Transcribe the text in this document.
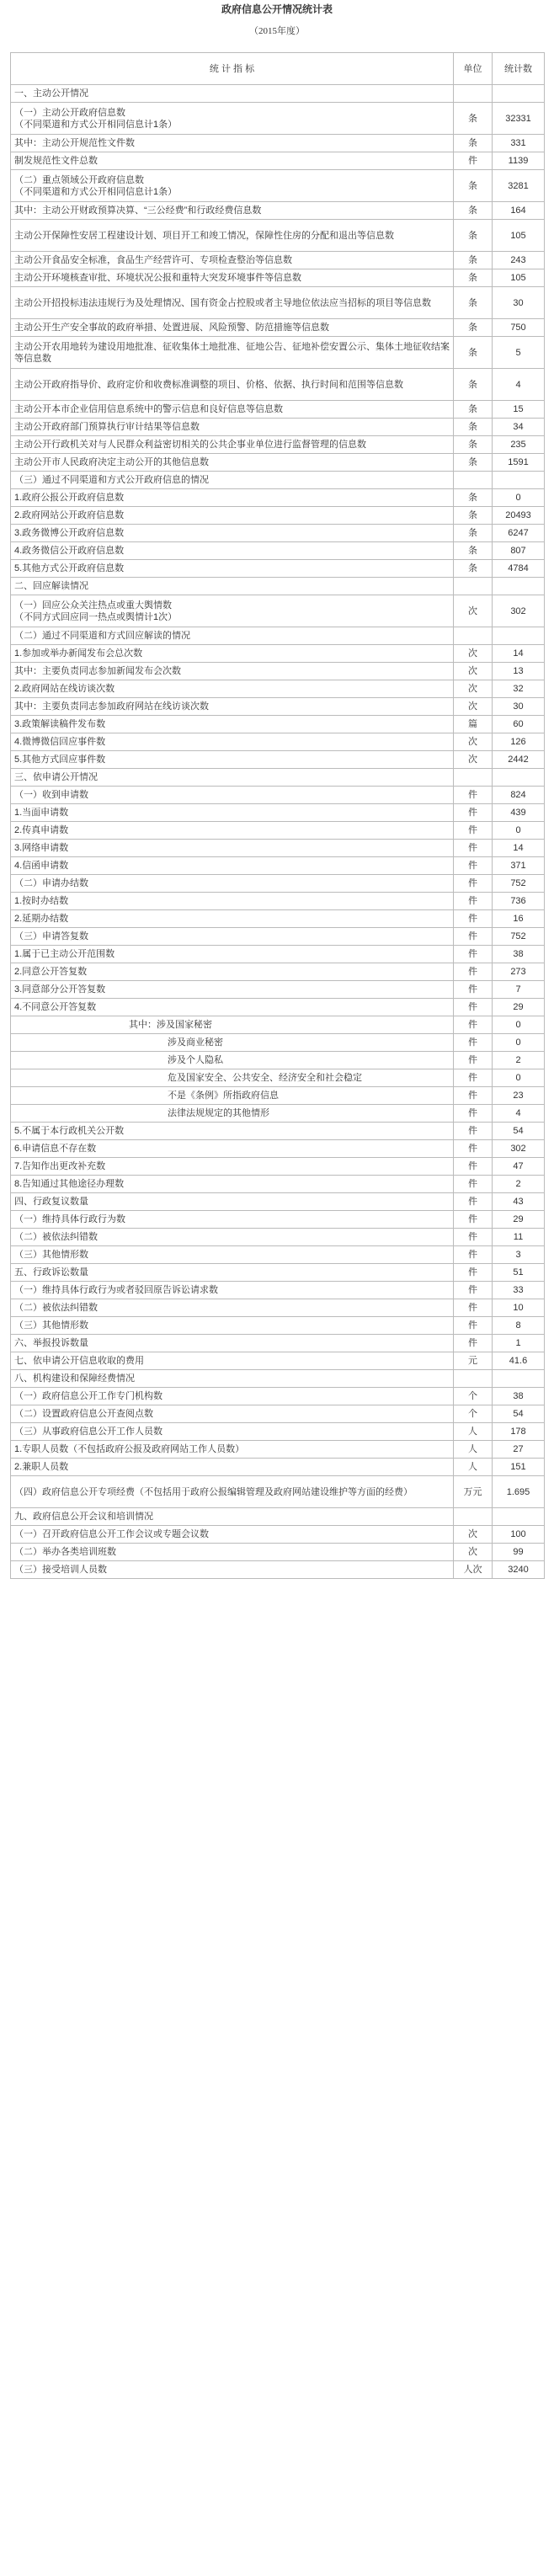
政府信息公开情况统计表
（2015年度）
统 计 指 标	单位	统计数

一、主动公开情况		

（一）主动公开政府信息数
（不同渠道和方式公开相同信息计1条）	条	32331

其中：主动公开规范性文件数	条	331

制发规范性文件总数	件	1139

（二）重点领域公开政府信息数
（不同渠道和方式公开相同信息计1条）	条	3281

其中：主动公开财政预算决算、“三公经费”和行政经费信息数	条	164

主动公开保障性安居工程建设计划、项目开工和竣工情况，保障性住房的分配和退出等信息数	条	105

主动公开食品安全标准，食品生产经营许可、专项检查整治等信息数	条	243

主动公开环境核查审批、环境状况公报和重特大突发环境事件等信息数	条	105

主动公开招投标违法违规行为及处理情况、国有资金占控股或者主导地位依法应当招标的项目等信息数	条	30

主动公开生产安全事故的政府举措、处置进展、风险预警、防范措施等信息数	条	750

主动公开农用地转为建设用地批准、征收集体土地批准、征地公告、征地补偿安置公示、集体土地征收结案等信息数	条	5

主动公开政府指导价、政府定价和收费标准调整的项目、价格、依据、执行时间和范围等信息数	条	4

主动公开本市企业信用信息系统中的警示信息和良好信息等信息数	条	15

主动公开政府部门预算执行审计结果等信息数	条	34

主动公开行政机关对与人民群众利益密切相关的公共企事业单位进行监督管理的信息数	条	235

主动公开市人民政府决定主动公开的其他信息数	条	1591

（三）通过不同渠道和方式公开政府信息的情况		

1.政府公报公开政府信息数	条	0

2.政府网站公开政府信息数	条	20493

3.政务微博公开政府信息数	条	6247

4.政务微信公开政府信息数	条	807

5.其他方式公开政府信息数	条	4784

二、回应解读情况		

（一）回应公众关注热点或重大舆情数
（不同方式回应同一热点或舆情计1次）	次	302

（二）通过不同渠道和方式回应解读的情况		

1.参加或举办新闻发布会总次数	次	14

其中：主要负责同志参加新闻发布会次数	次	13

2.政府网站在线访谈次数	次	32

其中：主要负责同志参加政府网站在线访谈次数	次	30

3.政策解读稿件发布数	篇	60

4.微博微信回应事件数	次	126

5.其他方式回应事件数	次	2442

三、依申请公开情况		

（一）收到申请数	件	824

1.当面申请数	件	439

2.传真申请数	件	0

3.网络申请数	件	14

4.信函申请数	件	371

（二）申请办结数	件	752

1.按时办结数	件	736

2.延期办结数	件	16

（三）申请答复数	件	752

1.属于已主动公开范围数	件	38

2.同意公开答复数	件	273

3.同意部分公开答复数	件	7

4.不同意公开答复数	件	29

其中：涉及国家秘密	件	0

涉及商业秘密	件	0

涉及个人隐私	件	2

危及国家安全、公共安全、经济安全和社会稳定	件	0

不是《条例》所指政府信息	件	23

法律法规规定的其他情形	件	4

5.不属于本行政机关公开数	件	54

6.申请信息不存在数	件	302

7.告知作出更改补充数	件	47

8.告知通过其他途径办理数	件	2

四、行政复议数量	件	43

（一）维持具体行政行为数	件	29

（二）被依法纠错数	件	11

（三）其他情形数	件	3

五、行政诉讼数量	件	51

（一）维持具体行政行为或者驳回原告诉讼请求数	件	33

（二）被依法纠错数	件	10

（三）其他情形数	件	8

六、举报投诉数量	件	1

七、依申请公开信息收取的费用	元	41.6

八、机构建设和保障经费情况		

（一）政府信息公开工作专门机构数	个	38

（二）设置政府信息公开查阅点数	个	54

（三）从事政府信息公开工作人员数	人	178

1.专职人员数（不包括政府公报及政府网站工作人员数）	人	27

2.兼职人员数	人	151

（四）政府信息公开专项经费（不包括用于政府公报编辑管理及政府网站建设维护等方面的经费）	万元	1.695

九、政府信息公开会议和培训情况		

（一）召开政府信息公开工作会议或专题会议数	次	100

（二）举办各类培训班数	次	99

（三）接受培训人员数	人次	3240
